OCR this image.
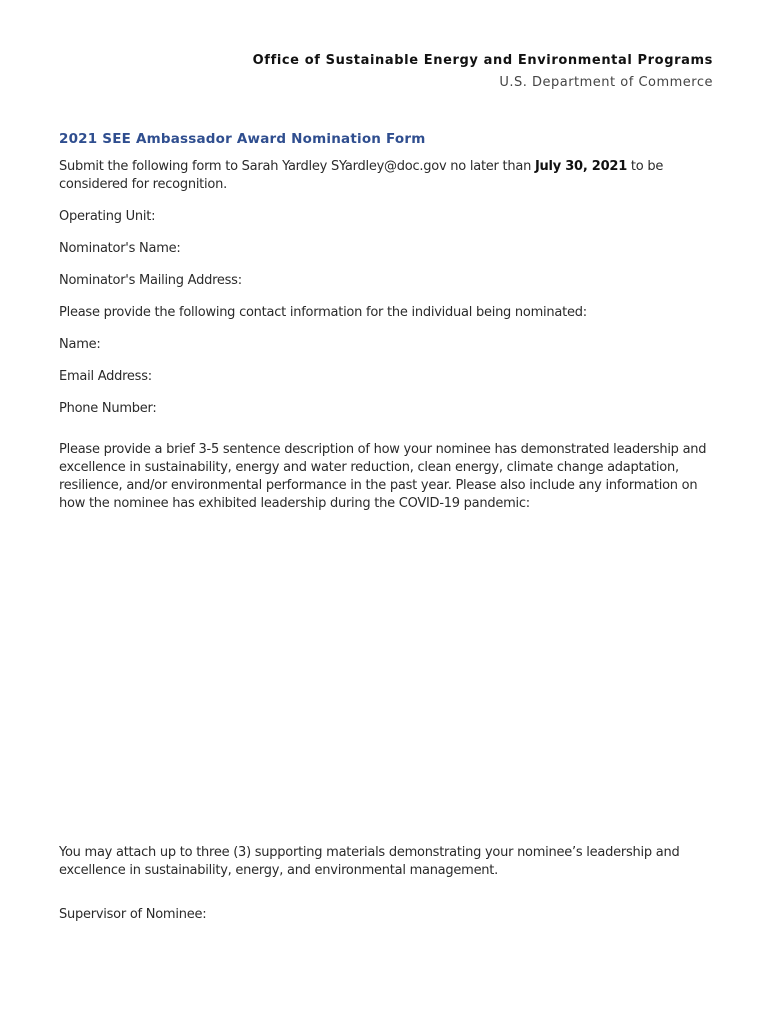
Office of Sustainable Energy and Environmental Programs
U.S. Department of Commerce
2021 SEE Ambassador Award Nomination Form

Submit the following form to Sarah Yardley SYardley@doc.gov no later than July 30, 2021 to be considered for recognition.

Operating Unit:

Nominator's Name:

Nominator's Mailing Address:

Please provide the following contact information for the individual being nominated:

Name:

Email Address:

Phone Number:

Please provide a brief 3-5 sentence description of how your nominee has demonstrated leadership and excellence in sustainability, energy and water reduction, clean energy, climate change adaptation, resilience, and/or environmental performance in the past year. Please also include any information on how the nominee has exhibited leadership during the COVID-19 pandemic:

You may attach up to three (3) supporting materials demonstrating your nominee’s leadership and excellence in sustainability, energy, and environmental management.

Supervisor of Nominee:
